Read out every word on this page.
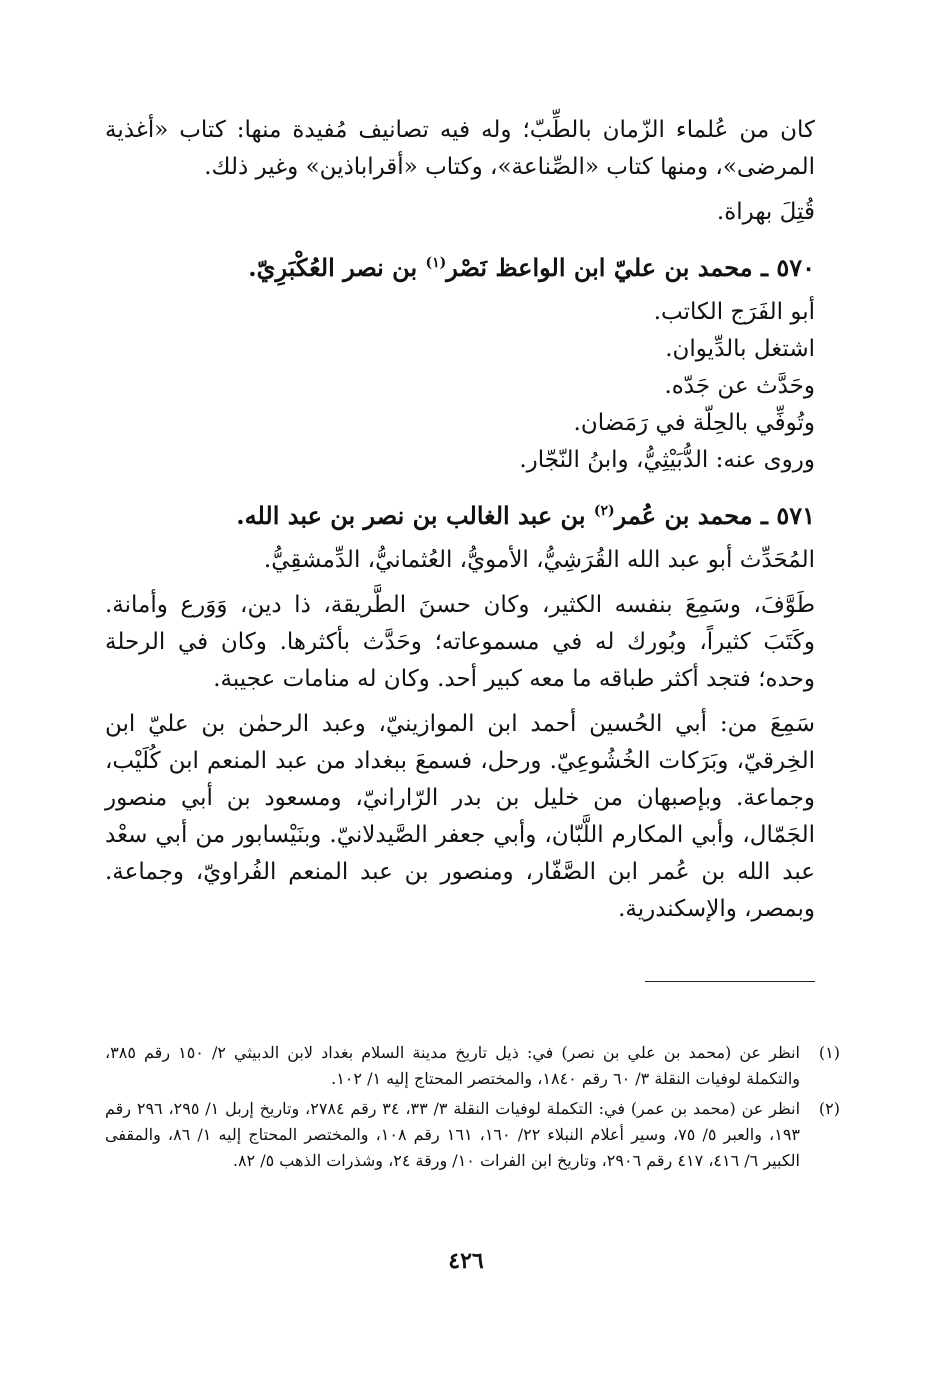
كان من عُلماء الزّمان بالطِّبّ؛ وله فيه تصانيف مُفيدة منها: كتاب «أغذية المرضى»، ومنها كتاب «الصِّناعة»، وكتاب «أقراباذين» وغير ذلك.

قُتِلَ بهراة.

٥٧٠ ـ محمد بن عليّ ابن الواعظ نَصْر$^{(١)}$ بن نصر العُكْبَرِيّ.

أبو الفَرَج الكاتب.

اشتغل بالدِّيوان.

وحَدَّث عن جَدّه.

وتُوفِّي بالحِلّة في رَمَضان.

وروى عنه: الدُّبَيْثِيُّ، وابنُ النّجّار.

٥٧١ ـ محمد بن عُمر$^{(٢)}$ بن عبد الغالب بن نصر بن عبد الله.

المُحَدِّث أبو عبد الله القُرَشِيُّ، الأمويُّ، العُثمانيُّ، الدِّمشقِيُّ.

طَوَّفَ، وسَمِعَ بنفسه الكثير، وكان حسنَ الطَّريقة، ذا دين، وَوَرع وأمانة. وكَتَبَ كثيراً، وبُورك له في مسموعاته؛ وحَدَّث بأكثرها. وكان في الرحلة وحده؛ فتجد أكثر طباقه ما معه كبير أحد. وكان له منامات عجيبة.

سَمِعَ من: أبي الحُسين أحمد ابن الموازينيّ، وعبد الرحمٰن بن عليّ ابن الخِرقيّ، وبَرَكات الخُشُوعِيّ. ورحل، فسمعَ ببغداد من عبد المنعم ابن كُلَيْب، وجماعة. وبإصبهان من خليل بن بدر الرّارانيّ، ومسعود بن أبي منصور الجَمّال، وأبي المكارم اللَّبّان، وأبي جعفر الصَّيدلانيّ. وبنَيْسابور من أبي سعْد عبد الله بن عُمر ابن الصَّفّار، ومنصور بن عبد المنعم الفُراويّ، وجماعة. وبمصر، والإسكندرية.

(١)
انظر عن (محمد بن علي بن نصر) في: ذيل تاريخ مدينة السلام بغداد لابن الدبيثي ٢/ ١٥٠ رقم ٣٨٥، والتكملة لوفيات النقلة ٣/ ٦٠ رقم ١٨٤٠، والمختصر المحتاج إليه ١/ ١٠٢.
(٢)
انظر عن (محمد بن عمر) في: التكملة لوفيات النقلة ٣/ ٣٣، ٣٤ رقم ٢٧٨٤، وتاريخ إربل ١/ ٢٩٥، ٢٩٦ رقم ١٩٣، والعبر ٥/ ٧٥، وسير أعلام النبلاء ٢٢/ ١٦٠، ١٦١ رقم ١٠٨، والمختصر المحتاج إليه ١/ ٨٦، والمقفى الكبير ٦/ ٤١٦، ٤١٧ رقم ٢٩٠٦، وتاريخ ابن الفرات ١٠/ ورقة ٢٤، وشذرات الذهب ٥/ ٨٢.
٤٢٦
